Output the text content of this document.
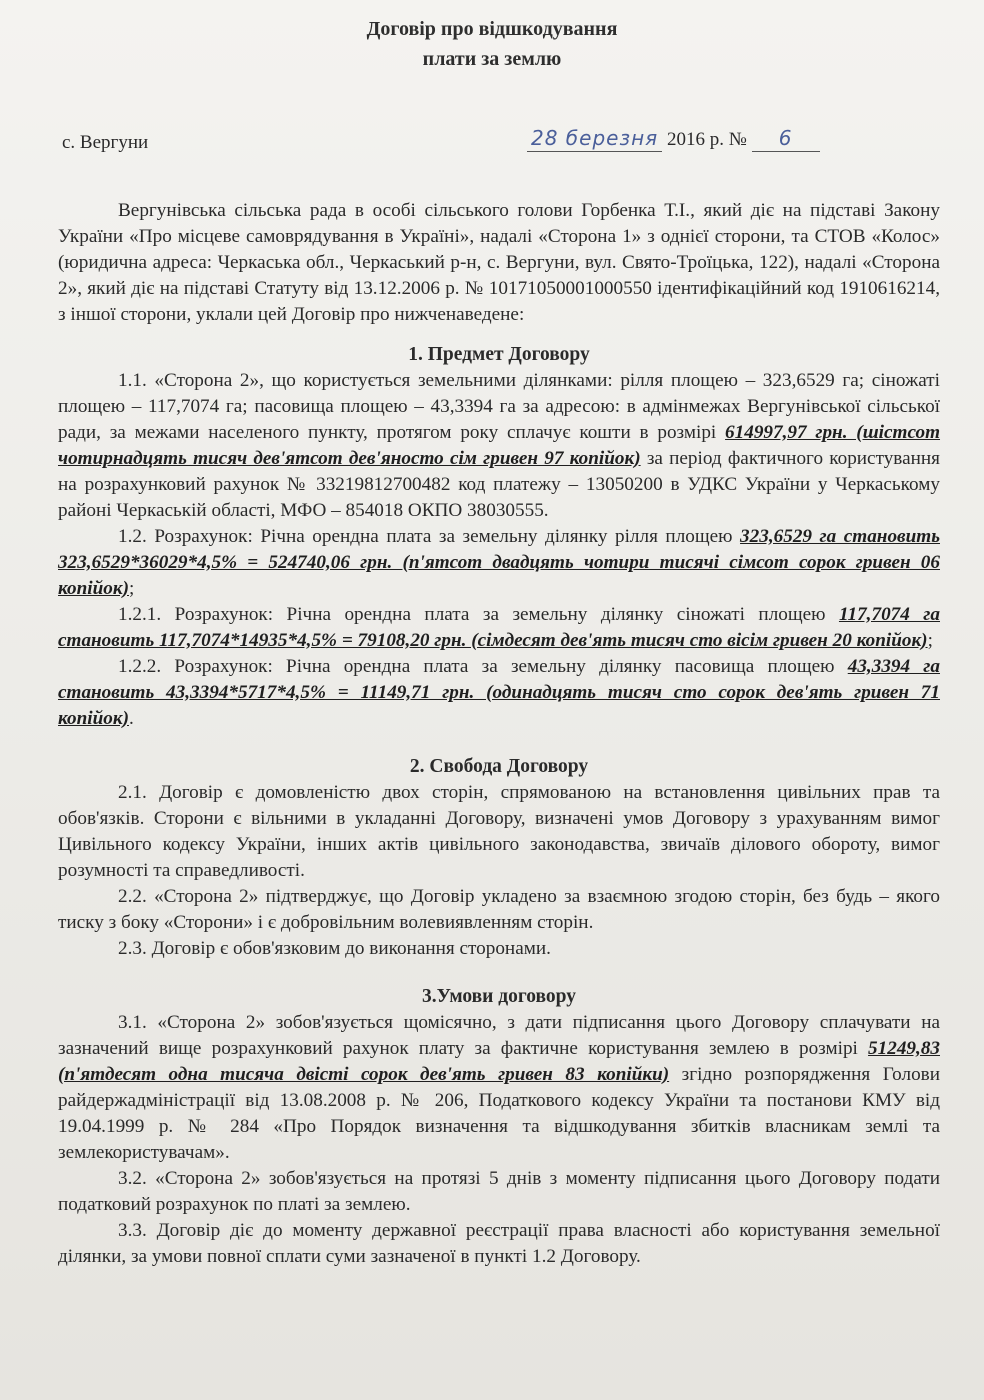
Договір про відшкодування
плати за землю
с. Вергуни	28 березня 2016 р. № 6

Вергунівська сільська рада в особі сільського голови Горбенка Т.І., який діє на підставі Закону України «Про місцеве самоврядування в Україні», надалі «Сторона 1» з однієї сторони, та СТОВ «Колос» (юридична адреса: Черкаська обл., Черкаський р-н, с. Вергуни, вул. Свято-Троїцька, 122), надалі «Сторона 2», який діє на підставі Статуту від 13.12.2006 р. № 10171050001000550 ідентифікаційний код 1910616214, з іншої сторони, уклали цей Договір про нижченаведене:

1. Предмет Договору

1.1. «Сторона 2», що користується земельними ділянками: рілля площею – 323,6529 га; сіножаті площею – 117,7074 га; пасовища площею – 43,3394 га за адресою: в адмінмежах Вергунівської сільської ради, за межами населеного пункту, протягом року сплачує кошти в розмірі 614997,97 грн. (шістсот чотирнадцять тисяч дев'ятсот дев'яносто сім гривен 97 копійок) за період фактичного користування на розрахунковий рахунок № 33219812700482 код платежу – 13050200 в УДКС України у Черкаському районі Черкаській області, МФО – 854018 ОКПО 38030555.

1.2. Розрахунок: Річна орендна плата за земельну ділянку рілля площею 323,6529 га становить 323,6529*36029*4,5% = 524740,06 грн. (п'ятсот двадцять чотири тисячі сімсот сорок гривен 06 копійок);

1.2.1. Розрахунок: Річна орендна плата за земельну ділянку сіножаті площею 117,7074 га становить 117,7074*14935*4,5% = 79108,20 грн. (сімдесят дев'ять тисяч сто вісім гривен 20 копійок);

1.2.2. Розрахунок: Річна орендна плата за земельну ділянку пасовища площею 43,3394 га становить 43,3394*5717*4,5% = 11149,71 грн. (одинадцять тисяч сто сорок дев'ять гривен 71 копійок).

2. Свобода Договору

2.1. Договір є домовленістю двох сторін, спрямованою на встановлення цивільних прав та обов'язків. Сторони є вільними в укладанні Договору, визначені умов Договору з урахуванням вимог Цивільного кодексу України, інших актів цивільного законодавства, звичаїв ділового обороту, вимог розумності та справедливості.

2.2. «Сторона 2» підтверджує, що Договір укладено за взаємною згодою сторін, без будь – якого тиску з боку «Сторони» і є добровільним волевиявленням сторін.

2.3. Договір є обов'язковим до виконання сторонами.

3.Умови договору

3.1. «Сторона 2» зобов'язується щомісячно, з дати підписання цього Договору сплачувати на зазначений вище розрахунковий рахунок плату за фактичне користування землею в розмірі 51249,83 (п'ятдесят одна тисяча двісті сорок дев'ять гривен 83 копійки) згідно розпорядження Голови райдержадміністрації від 13.08.2008 р. № 206, Податкового кодексу України та постанови КМУ від 19.04.1999 р. № 284 «Про Порядок визначення та відшкодування збитків власникам землі та землекористувачам».

3.2. «Сторона 2» зобов'язується на протязі 5 днів з моменту підписання цього Договору подати податковий розрахунок по платі за землею.

3.3. Договір діє до моменту державної реєстрації права власності або користування земельної ділянки, за умови повної сплати суми зазначеної в пункті 1.2 Договору.
